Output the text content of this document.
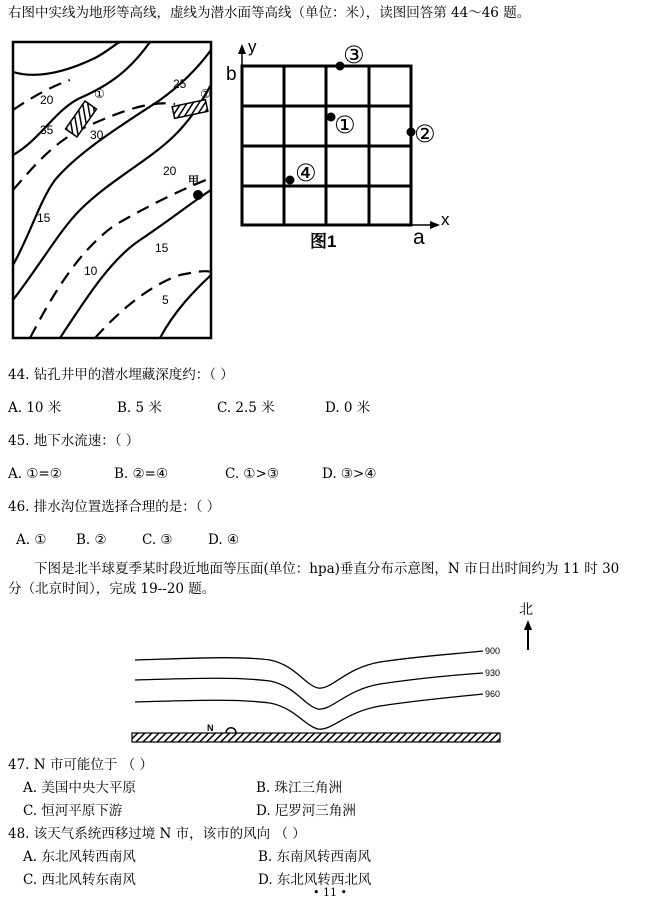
右图中实线为地形等高线，虚线为潜水面等高线（单位：米），读图回答第 44～46 题。
20
35	30
25
20
15
15
10
5
①	②
甲
③
① ②
④
y
x
b
a
图1
北
900
930
960
N
44. 钻孔井甲的潜水埋藏深度约：（ ）
A. 10 米	B. 5 米	C. 2.5 米	D. 0 米
45. 地下水流速：（ ）
A. ①=②	B. ②=④	C. ①>③	D. ③>④
46. 排水沟位置选择合理的是：（ ）
A. ① B. ②	C. ③	D. ④
下图是北半球夏季某时段近地面等压面(单位：hpa)垂直分布示意图，N 市日出时间约为 11 时 30
分（北京时间），完成 19--20 题。
47. N 市可能位于 （ ）
A. 美国中央大平原	B. 珠江三角洲
C. 恒河平原下游	D. 尼罗河三角洲
48. 该天气系统西移过境 N 市，该市的风向 （ ）
A. 东北风转西南风	B. 东南风转西南风
C. 西北风转东南风	D. 东北风转西北风
• 11 •
